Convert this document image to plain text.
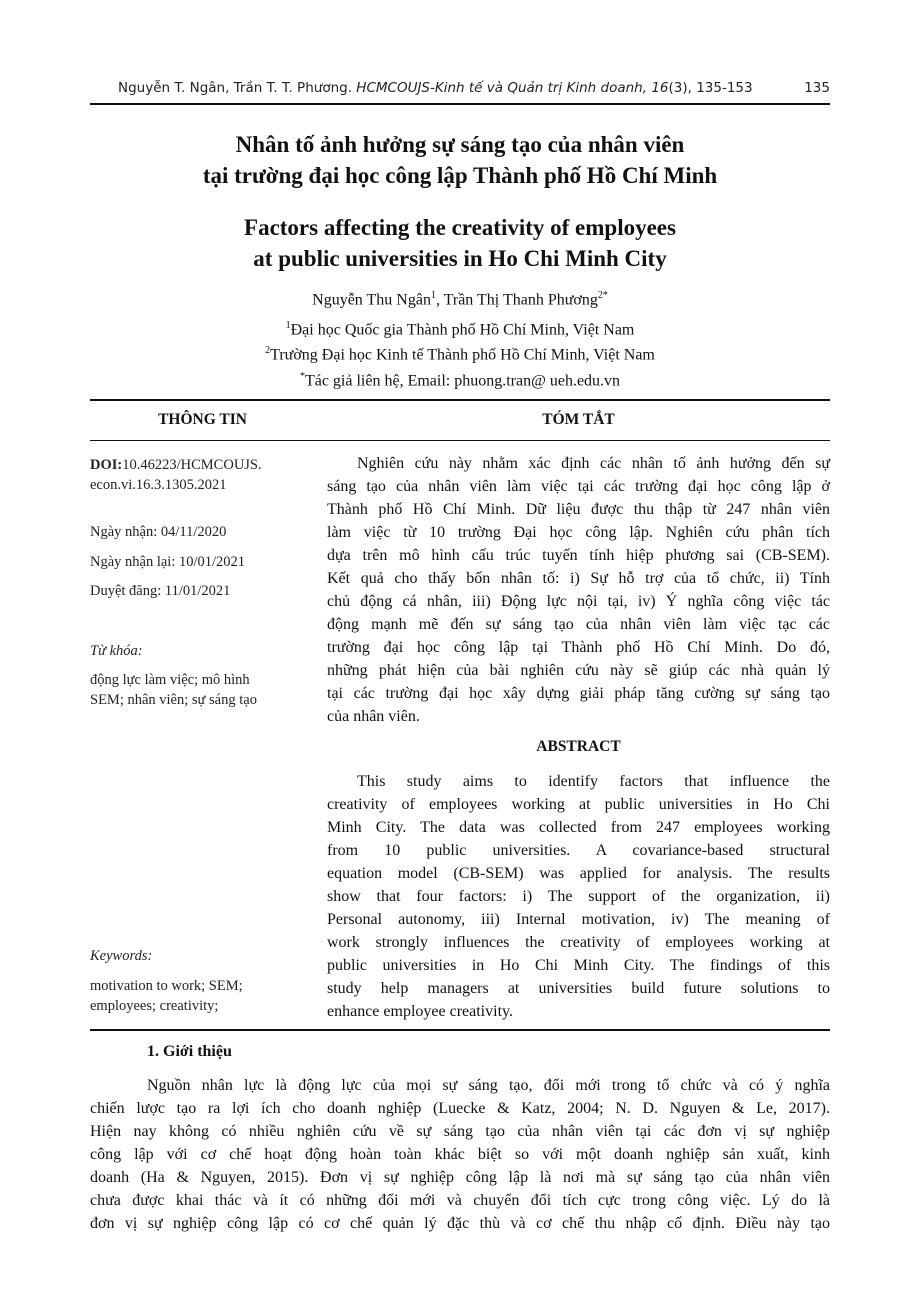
Nguyễn T. Ngân, Trần T. T. Phương. HCMCOUJS-Kinh tế và Quản trị Kinh doanh, 16(3), 135-153	135
Nhân tố ảnh hưởng sự sáng tạo của nhân viên
tại trường đại học công lập Thành phố Hồ Chí Minh
Factors affecting the creativity of employees
at public universities in Ho Chi Minh City
Nguyễn Thu Ngân$^1$, Trần Thị Thanh Phương$^{2*}$
$^1$Đại học Quốc gia Thành phố Hồ Chí Minh, Việt Nam
$^2$Trường Đại học Kinh tế Thành phố Hồ Chí Minh, Việt Nam
*Tác giả liên hệ, Email: phuong.tran@ ueh.edu.vn
THÔNG TIN	TÓM TẮT
DOI:10.46223/HCMCOUJS.
econ.vi.16.3.1305.2021
Ngày nhận: 04/11/2020
Ngày nhận lại: 10/01/2021
Duyệt đăng: 11/01/2021
Từ khóa:
động lực làm việc; mô hình
SEM; nhân viên; sự sáng tạo
Keywords:
motivation to work; SEM;
employees; creativity;
Nghiên cứu này nhằm xác định các nhân tố ảnh hưởng đến sự
sáng tạo của nhân viên làm việc tại các trường đại học công lập ở
Thành phố Hồ Chí Minh. Dữ liệu được thu thập từ 247 nhân viên
làm việc từ 10 trường Đại học công lập. Nghiên cứu phân tích
dựa trên mô hình cấu trúc tuyến tính hiệp phương sai (CB-SEM).
Kết quả cho thấy bốn nhân tố: i) Sự hỗ trợ của tổ chức, ii) Tính
chủ động cá nhân, iii) Động lực nội tại, iv) Ý nghĩa công việc tác
động mạnh mẽ đến sự sáng tạo của nhân viên làm việc tạc các
trường đại học công lập tại Thành phố Hồ Chí Minh. Do đó,
những phát hiện của bài nghiên cứu này sẽ giúp các nhà quản lý
tại các trường đại học xây dựng giải pháp tăng cường sự sáng tạo
của nhân viên.
ABSTRACT
This study aims to identify factors that influence the
creativity of employees working at public universities in Ho Chi
Minh City. The data was collected from 247 employees working
from 10 public universities. A covariance-based structural
equation model (CB-SEM) was applied for analysis. The results
show that four factors: i) The support of the organization, ii)
Personal autonomy, iii) Internal motivation, iv) The meaning of
work strongly influences the creativity of employees working at
public universities in Ho Chi Minh City. The findings of this
study help managers at universities build future solutions to
enhance employee creativity.
1. Giới thiệu
Nguồn nhân lực là động lực của mọi sự sáng tạo, đổi mới trong tổ chức và có ý nghĩa
chiến lược tạo ra lợi ích cho doanh nghiệp (Luecke & Katz, 2004; N. D. Nguyen & Le, 2017).
Hiện nay không có nhiều nghiên cứu về sự sáng tạo của nhân viên tại các đơn vị sự nghiệp
công lập với cơ chế hoạt động hoàn toàn khác biệt so với một doanh nghiệp sản xuất, kinh
doanh (Ha & Nguyen, 2015). Đơn vị sự nghiệp công lập là nơi mà sự sáng tạo của nhân viên
chưa được khai thác và ít có những đổi mới và chuyển đổi tích cực trong công việc. Lý do là
đơn vị sự nghiệp công lập có cơ chế quản lý đặc thù và cơ chế thu nhập cố định. Điều này tạo
